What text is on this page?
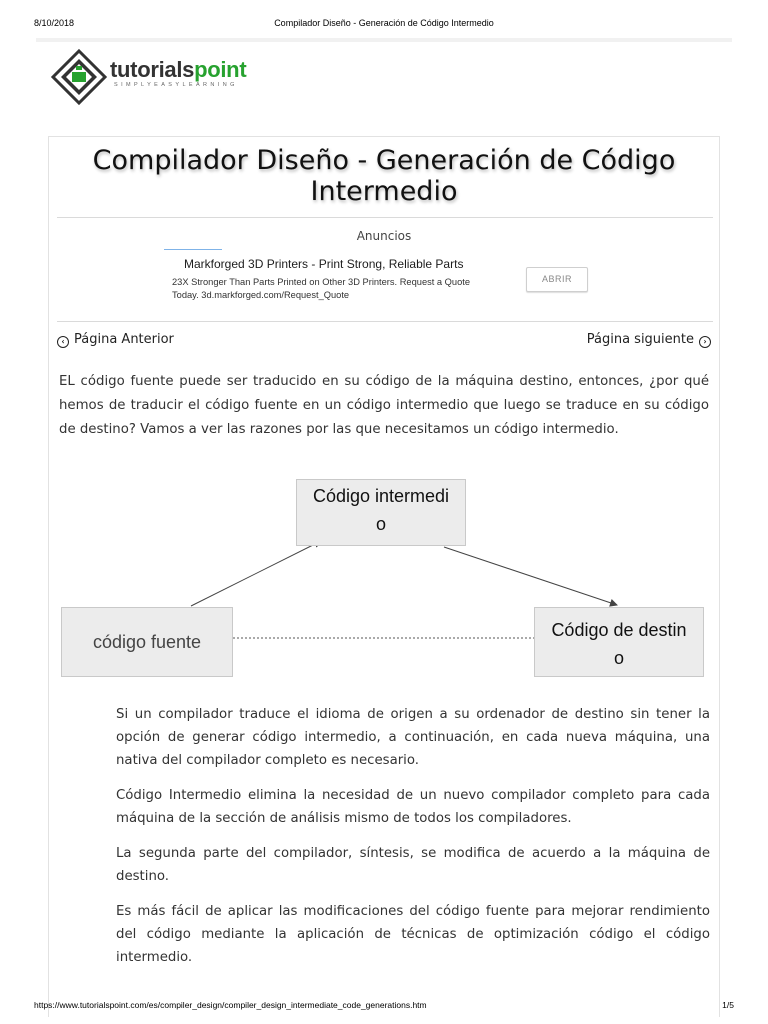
8/10/2018	Compilador Diseño - Generación de Código Intermedio
tutorialspoint
SIMPLYEASYLEARNING
Compilador Diseño - Generación de Código Intermedio
Anuncios
Markforged 3D Printers - Print Strong, Reliable Parts
23X Stronger Than Parts Printed on Other 3D Printers. Request a Quote
Today. 3d.markforged.com/Request_Quote
ABRIR
‹ Página Anterior	Página siguiente ›

EL código fuente puede ser traducido en su código de la máquina destino, entonces, ¿por qué hemos de traducir el código fuente en un código intermedio que luego se traduce en su código de destino? Vamos a ver las razones por las que necesitamos un código intermedio.

Código intermedi
o
código fuente
Código de destin
o

Si un compilador traduce el idioma de origen a su ordenador de destino sin tener la opción de generar código intermedio, a continuación, en cada nueva máquina, una nativa del compilador completo es necesario.

Código Intermedio elimina la necesidad de un nuevo compilador completo para cada máquina de la sección de análisis mismo de todos los compiladores.

La segunda parte del compilador, síntesis, se modifica de acuerdo a la máquina de destino.

Es más fácil de aplicar las modificaciones del código fuente para mejorar rendimiento del código mediante la aplicación de técnicas de optimización código el código intermedio.

https://www.tutorialspoint.com/es/compiler_design/compiler_design_intermediate_code_generations.htm	1/5
